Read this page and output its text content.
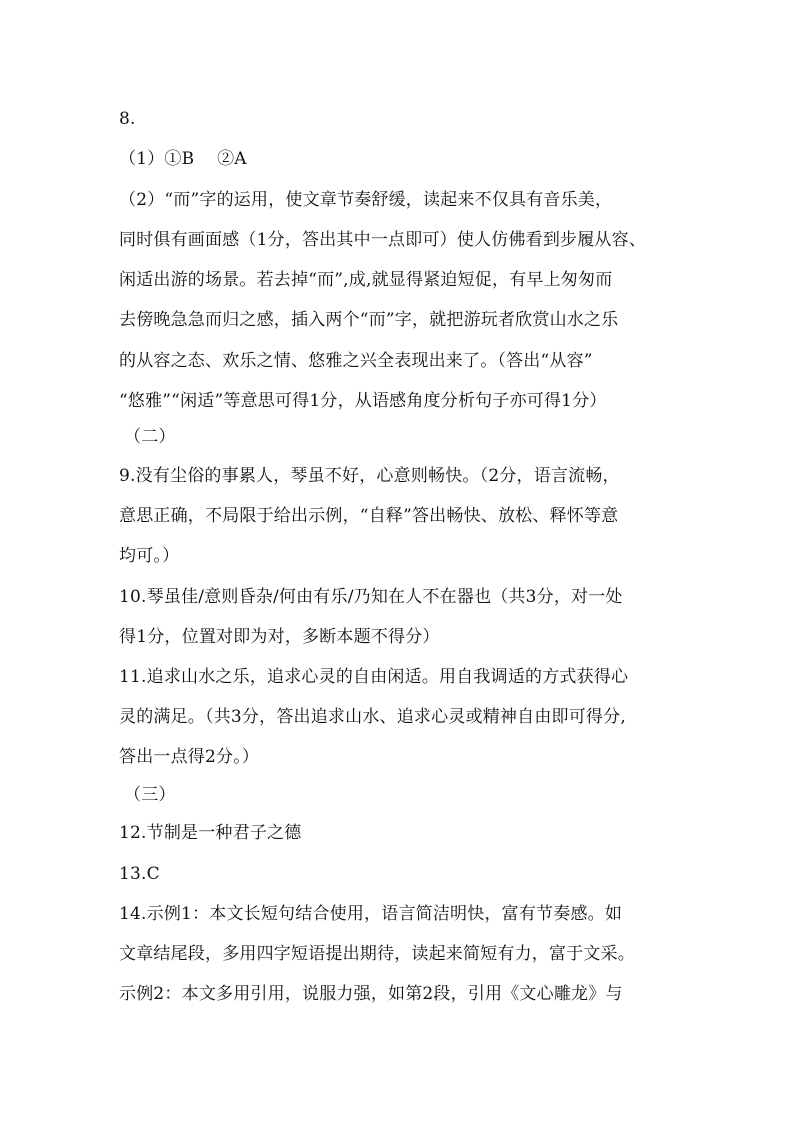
8.
（1）①B　 ②A
（2）“而”字的运用，使文章节奏舒缓，读起来不仅具有音乐美，
同时俱有画面感（1分，答出其中一点即可）使人仿佛看到步履从容、
闲适出游的场景。若去掉“而”,成,就显得紧迫短促，有早上匆匆而
去傍晚急急而归之感，插入两个“而”字，就把游玩者欣赏山水之乐
的从容之态、欢乐之情、悠雅之兴全表现出来了。（答出“从容”
“悠雅”“闲适”等意思可得1分，从语感角度分析句子亦可得1分）
（二）
9.没有尘俗的事累人，琴虽不好，心意则畅快。（2分，语言流畅，
意思正确，不局限于给出示例，“自释”答出畅快、放松、释怀等意
均可。）
10.琴虽佳/意则昏杂/何由有乐/乃知在人不在器也（共3分，对一处
得1分，位置对即为对，多断本题不得分）
11.追求山水之乐，追求心灵的自由闲适。用自我调适的方式获得心
灵的满足。（共3分，答出追求山水、追求心灵或精神自由即可得分,
答出一点得2分。）
（三）
12.节制是一种君子之德
13.C
14.示例1：本文长短句结合使用，语言简洁明快，富有节奏感。如
文章结尾段，多用四字短语提出期待，读起来简短有力，富于文采。
示例2：本文多用引用，说服力强，如第2段，引用《文心雕龙》与
